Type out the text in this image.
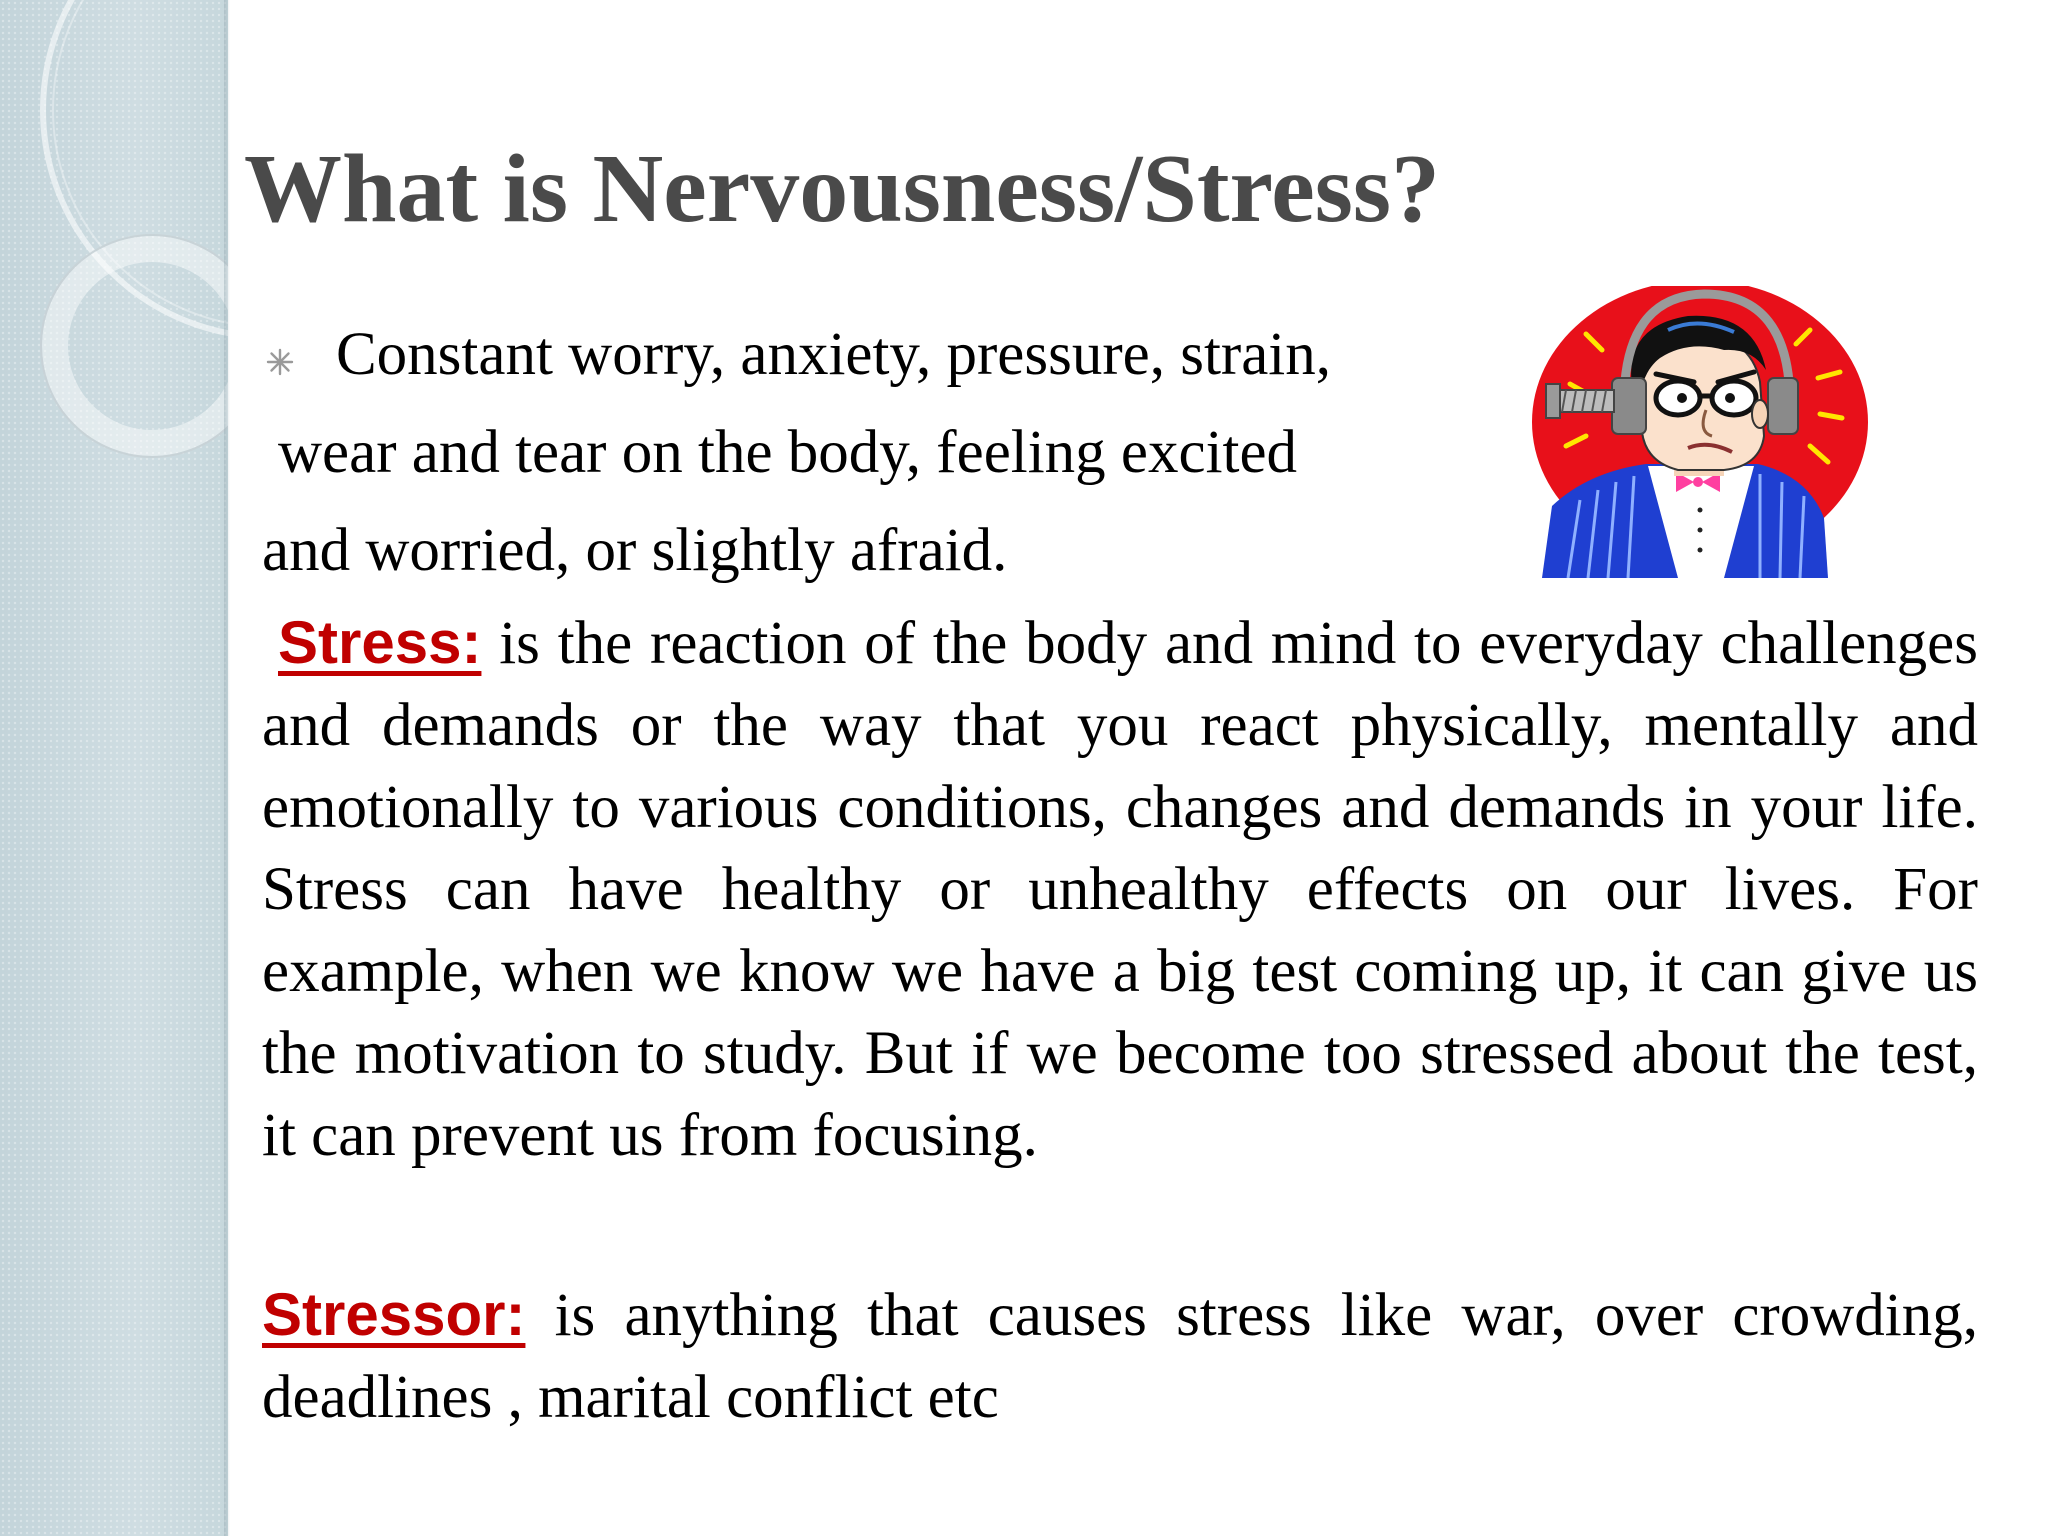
What is Nervousness/Stress?
Constant worry, anxiety, pressure, strain,
wear and tear on the body, feeling excited
and worried, or slightly afraid.

Stress: is the reaction of the body and mind to everyday challenges and demands or the way that you react physically, mentally and emotionally to various conditions, changes and demands in your life. Stress can have healthy or unhealthy effects on our lives. For example, when we know we have a big test coming up, it can give us the motivation to study. But if we become too stressed about the test, it can prevent us from focusing.

Stressor: is anything that causes stress like war, over crowding, deadlines , marital conflict etc
